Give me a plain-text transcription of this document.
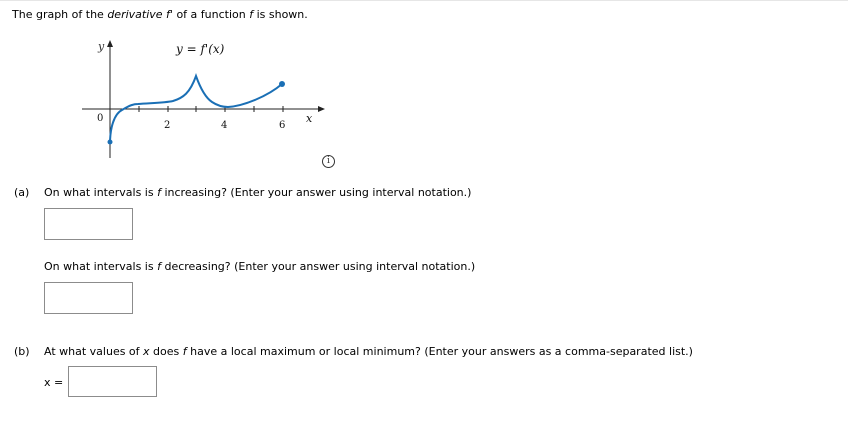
The graph of the derivative f' of a function f is shown.
y	y = f'(x)
0
2	4	6
x
i
(a) On what intervals is f increasing? (Enter your answer using interval notation.)
On what intervals is f decreasing? (Enter your answer using interval notation.)
(b) At what values of x does f have a local maximum or local minimum? (Enter your answers as a comma-separated list.)
x =
